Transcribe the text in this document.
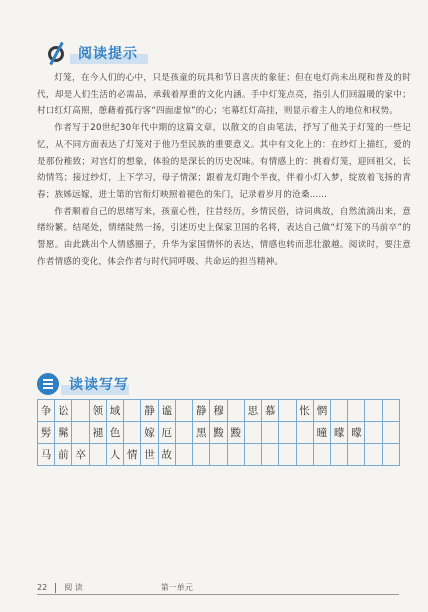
阅读提示

灯笼，在今人们的心中，只是孩童的玩具和节日喜庆的象征；但在电灯尚未出现和普及的时代，却是人们生活的必需品，承载着厚重的文化内涵。手中灯笼点亮，指引人们回温暖的家中；村口红灯高照，憩藉着孤行客“四面虚惊”的心；宅幕红灯高挂，则显示着主人的地位和权势。

作者写于20世纪30年代中期的这篇文章，以散文的自由笔法，抒写了他关于灯笼的一些记忆，从不同方面表达了灯笼对于他乃至民族的重要意义。其中有文化上的：在纱灯上描红，爱的是那份稚致；对宫灯的想象，体验的是深长的历史况味。有情感上的：挑着灯笼，迎回祖父，长幼情笃；接过纱灯，上下学习，母子情深；跟着龙灯跑个半夜，伴着小灯入梦，绽放着飞扬的青春；族姊远嫁，进士第的官衔灯映照着褪色的朱门，记录着岁月的沧桑……

作者顺着自己的思绪写来，孩童心性，往昔经历，乡情民俗，诗词典故，自然流淌出来，意绪纷繁。结尾处，情绪陡然一扬，引述历史上保家卫国的名将，表达自己做“灯笼下的马前卒”的誓愿。由此跳出个人情感圈子，升华为家国情怀的表达，情感也转而悲壮激越。阅读时，要注意作者情感的变化，体会作者与时代同呼吸、共命运的担当精神。

读读写写
争	讼		领	域		静	谧		静	穆		思	慕		怅	惘				
髣	髴		褪	色		嫁	厄		黑	黢	黢					曈	曚	曚		
马	前	卒		人	情	世	故													
22 阅 读	第一单元
